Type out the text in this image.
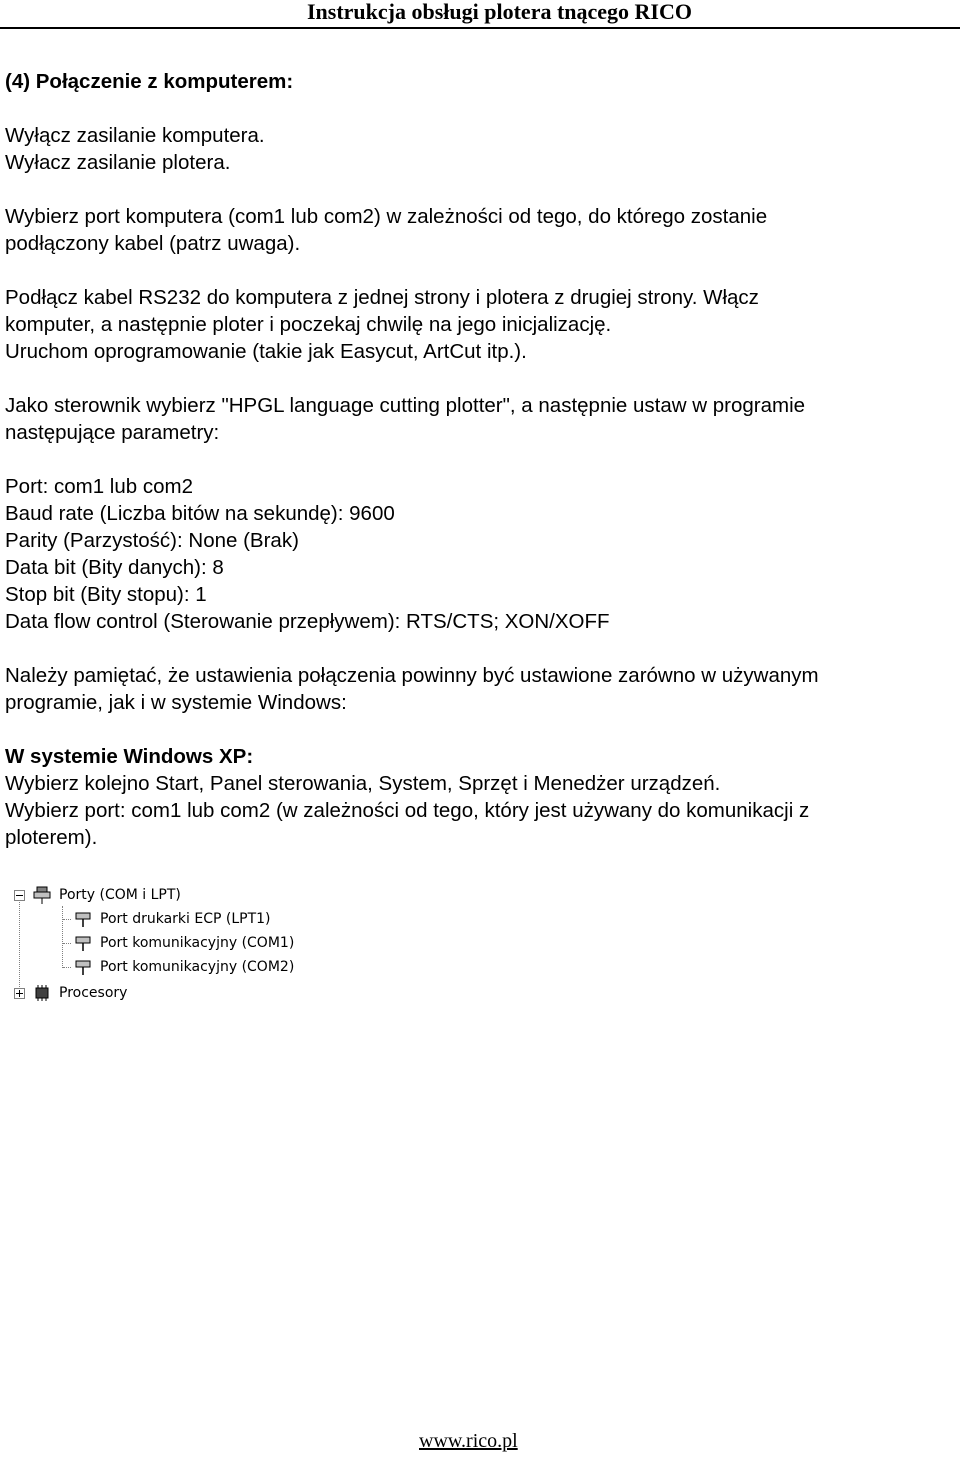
Instrukcja obsługi plotera tnącego RICO

(4) Połączenie z komputerem:

Wyłącz zasilanie komputera.

Wyłacz zasilanie plotera.

Wybierz port komputera (com1 lub com2) w zależności od tego, do którego zostanie

podłączony kabel (patrz uwaga).

Podłącz kabel RS232 do komputera z jednej strony i plotera z drugiej strony. Włącz

komputer, a następnie ploter i poczekaj chwilę na jego inicjalizację.

Uruchom oprogramowanie (takie jak Easycut, ArtCut itp.).

Jako sterownik wybierz "HPGL language cutting plotter", a następnie ustaw w programie

następujące parametry:

Port: com1 lub com2

Baud rate (Liczba bitów na sekundę): 9600

Parity (Parzystość): None (Brak)

Data bit (Bity danych): 8

Stop bit (Bity stopu): 1

Data flow control (Sterowanie przepływem): RTS/CTS; XON/XOFF

Należy pamiętać, że ustawienia połączenia powinny być ustawione zarówno w używanym

programie, jak i w systemie Windows:

W systemie Windows XP:

Wybierz kolejno Start, Panel sterowania, System, Sprzęt i Menedżer urządzeń.

Wybierz port: com1 lub com2 (w zależności od tego, który jest używany do komunikacji z

ploterem).

Porty (COM i LPT)
Port drukarki ECP (LPT1)
Port komunikacyjny (COM1)
Port komunikacyjny (COM2)
Procesory
www.rico.pl
